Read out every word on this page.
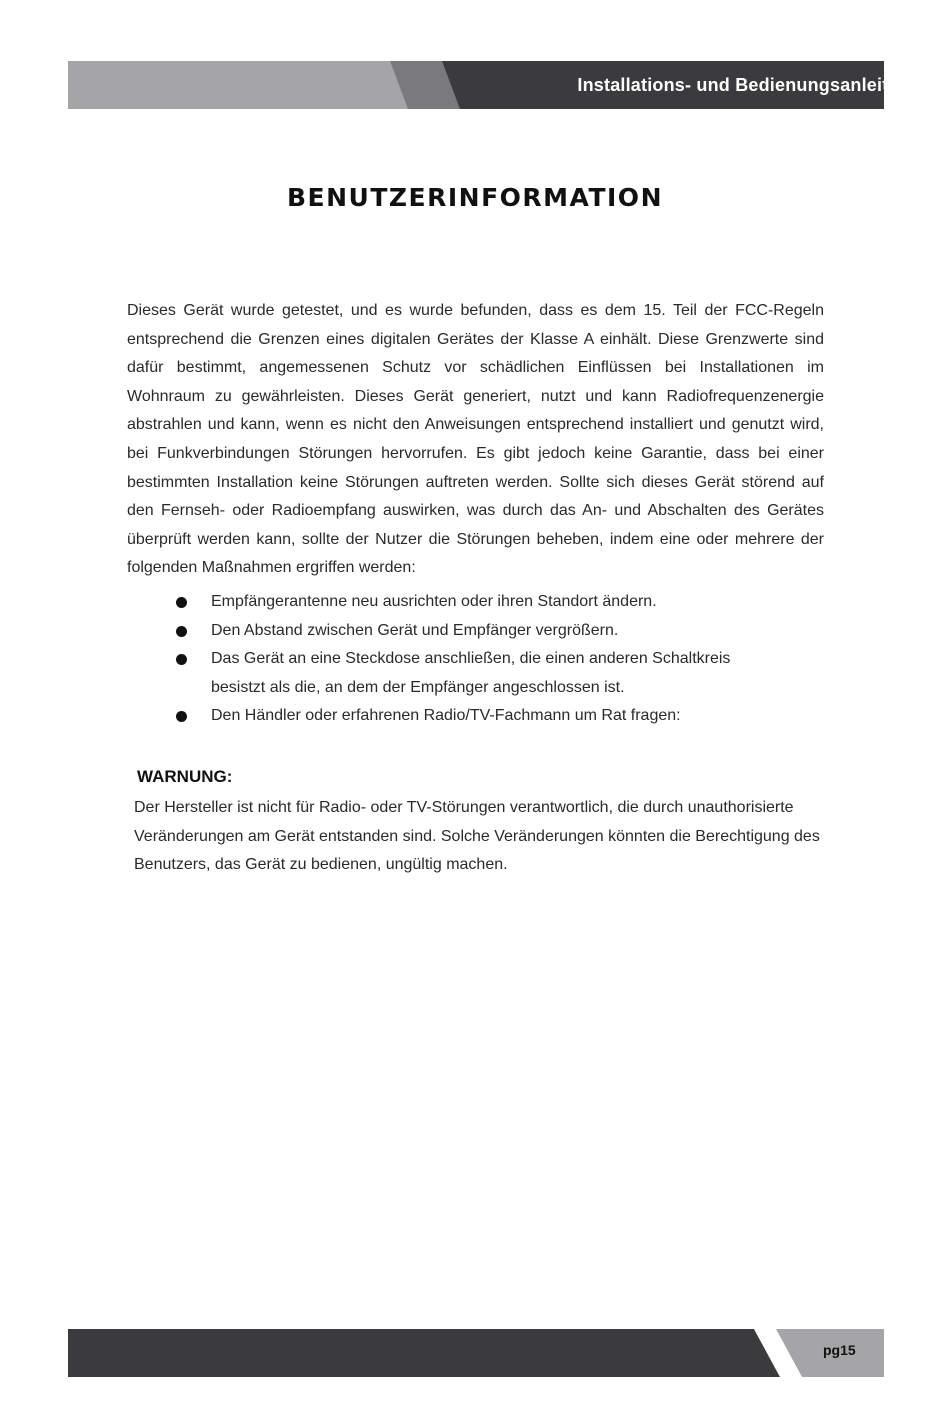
Installations- und Bedienungsanleitung
BENUTZERINFORMATION

Dieses Gerät wurde getestet, und es wurde befunden, dass es dem 15. Teil der FCC-Regeln entsprechend die Grenzen eines digitalen Gerätes der Klasse A einhält. Diese Grenzwerte sind dafür bestimmt, angemessenen Schutz vor schädlichen Einflüssen bei Installationen im Wohnraum zu gewährleisten. Dieses Gerät generiert, nutzt und kann Radiofrequenzenergie abstrahlen und kann, wenn es nicht den Anweisungen entsprechend installiert und genutzt wird, bei Funkverbindungen Störungen hervorrufen. Es gibt jedoch keine Garantie, dass bei einer bestimmten Installation keine Störungen auftreten werden. Sollte sich dieses Gerät störend auf den Fernseh- oder Radioempfang auswirken, was durch das An- und Abschalten des Gerätes überprüft werden kann, sollte der Nutzer die Störungen beheben, indem eine oder mehrere der folgenden Maßnahmen ergriffen werden:

Empfängerantenne neu ausrichten oder ihren Standort ändern.
Den Abstand zwischen Gerät und Empfänger vergrößern.
Das Gerät an eine Steckdose anschließen, die einen anderen Schaltkreis besistzt als die, an dem der Empfänger angeschlossen ist.
Den Händler oder erfahrenen Radio/TV-Fachmann um Rat fragen:
WARNUNG:

Der Hersteller ist nicht für Radio- oder TV-Störungen verantwortlich, die durch unauthorisierte Veränderungen am Gerät entstanden sind. Solche Veränderungen könnten die Berechtigung des Benutzers, das Gerät zu bedienen, ungültig machen.

pg15
